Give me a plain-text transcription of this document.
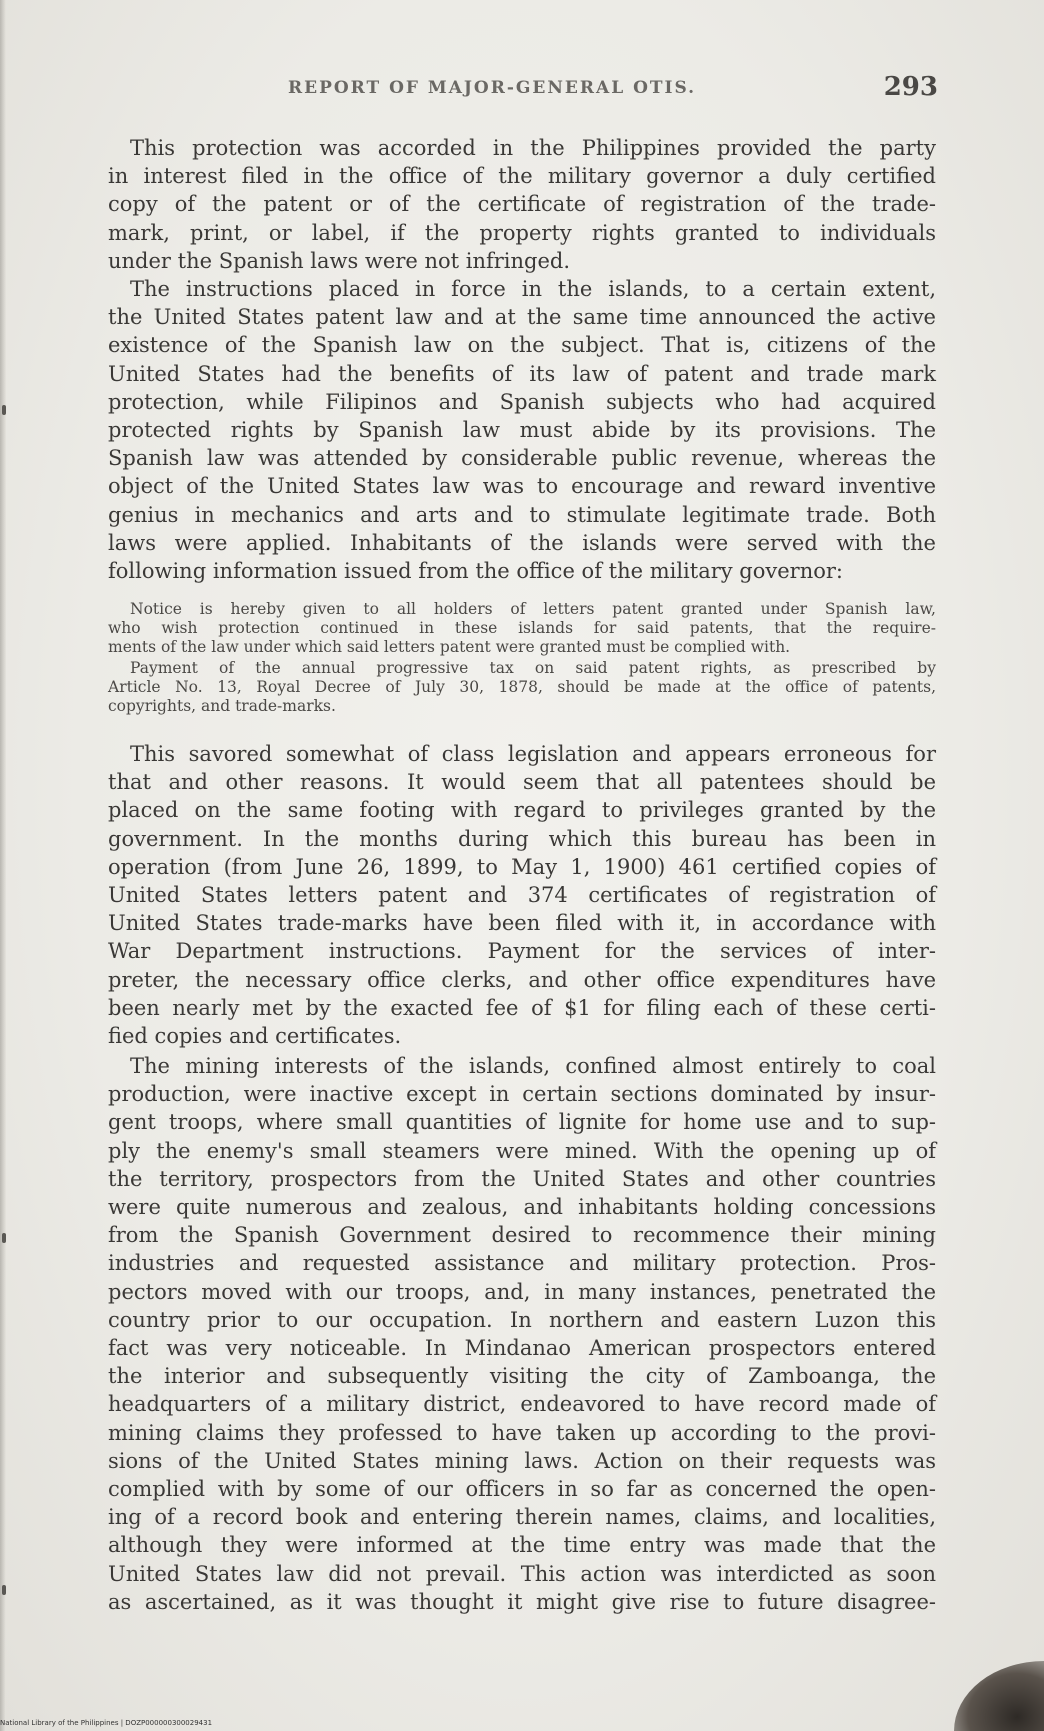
REPORT OF MAJOR-GENERAL OTIS.	293
This protection was accorded in the Philippines provided the party
in interest filed in the office of the military governor a duly certified
copy of the patent or of the certificate of registration of the trade-
mark, print, or label, if the property rights granted to individuals
under the Spanish laws were not infringed.
The instructions placed in force in the islands, to a certain extent,
the United States patent law and at the same time announced the active
existence of the Spanish law on the subject. That is, citizens of the
United States had the benefits of its law of patent and trade mark
protection, while Filipinos and Spanish subjects who had acquired
protected rights by Spanish law must abide by its provisions. The
Spanish law was attended by considerable public revenue, whereas the
object of the United States law was to encourage and reward inventive
genius in mechanics and arts and to stimulate legitimate trade. Both
laws were applied. Inhabitants of the islands were served with the
following information issued from the office of the military governor:
Notice is hereby given to all holders of letters patent granted under Spanish law,
who wish protection continued in these islands for said patents, that the require-
ments of the law under which said letters patent were granted must be complied with.
Payment of the annual progressive tax on said patent rights, as prescribed by
Article No. 13, Royal Decree of July 30, 1878, should be made at the office of patents,
copyrights, and trade-marks.
This savored somewhat of class legislation and appears erroneous for
that and other reasons. It would seem that all patentees should be
placed on the same footing with regard to privileges granted by the
government. In the months during which this bureau has been in
operation (from June 26, 1899, to May 1, 1900) 461 certified copies of
United States letters patent and 374 certificates of registration of
United States trade-marks have been filed with it, in accordance with
War Department instructions. Payment for the services of inter-
preter, the necessary office clerks, and other office expenditures have
been nearly met by the exacted fee of $1 for filing each of these certi-
fied copies and certificates.
The mining interests of the islands, confined almost entirely to coal
production, were inactive except in certain sections dominated by insur-
gent troops, where small quantities of lignite for home use and to sup-
ply the enemy's small steamers were mined. With the opening up of
the territory, prospectors from the United States and other countries
were quite numerous and zealous, and inhabitants holding concessions
from the Spanish Government desired to recommence their mining
industries and requested assistance and military protection. Pros-
pectors moved with our troops, and, in many instances, penetrated the
country prior to our occupation. In northern and eastern Luzon this
fact was very noticeable. In Mindanao American prospectors entered
the interior and subsequently visiting the city of Zamboanga, the
headquarters of a military district, endeavored to have record made of
mining claims they professed to have taken up according to the provi-
sions of the United States mining laws. Action on their requests was
complied with by some of our officers in so far as concerned the open-
ing of a record book and entering therein names, claims, and localities,
although they were informed at the time entry was made that the
United States law did not prevail. This action was interdicted as soon
as ascertained, as it was thought it might give rise to future disagree-
National Library of the Philippines | DOZP000000300029431
